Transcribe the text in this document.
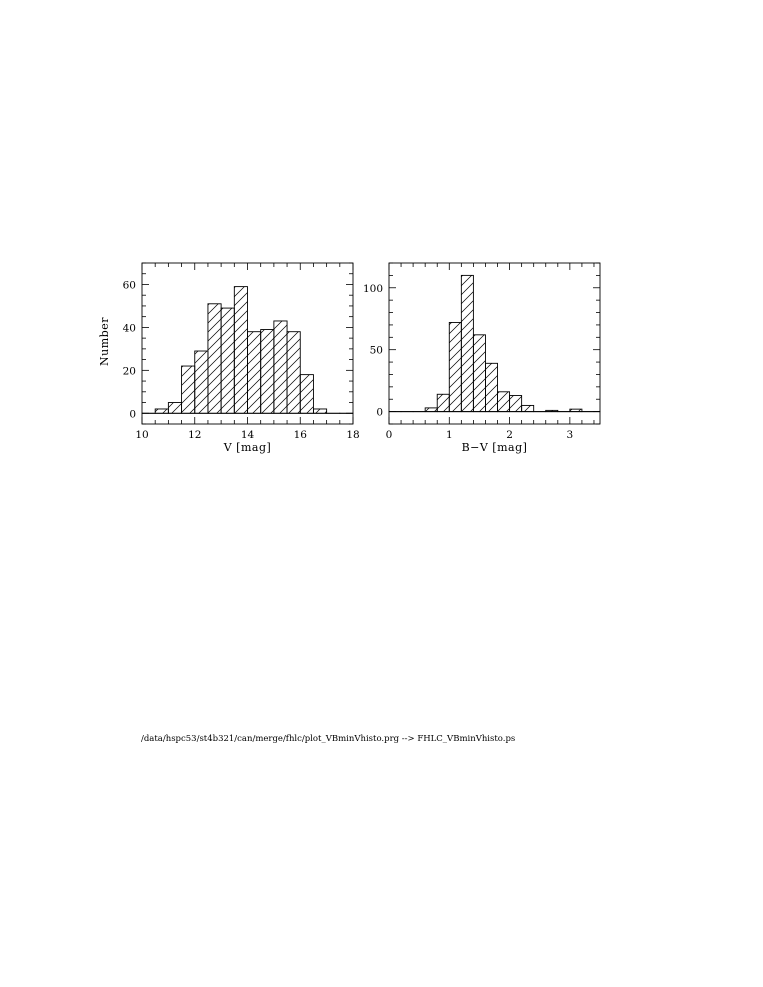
10	12	14	16	18
0
20
40
60
V [mag]
Number
0	1	2	3
0
50
100
B−V [mag]
/data/hspc53/st4b321/can/merge/fhlc/plot_VBminVhisto.prg --> FHLC_VBminVhisto.ps
